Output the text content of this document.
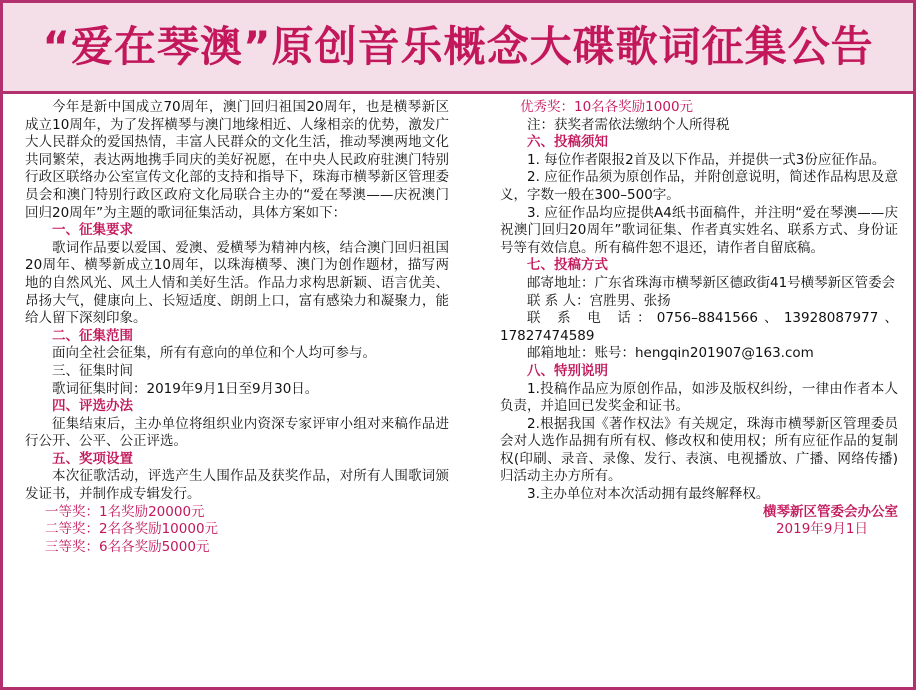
“爱在琴澳”原创音乐概念大碟歌词征集公告

今年是新中国成立70周年，澳门回归祖国20周年，也是横琴新区成立10周年，为了发挥横琴与澳门地缘相近、人缘相亲的优势，激发广大人民群众的爱国热情，丰富人民群众的文化生活，推动琴澳两地文化共同繁荣，表达两地携手同庆的美好祝愿，在中央人民政府驻澳门特别行政区联络办公室宣传文化部的支持和指导下，珠海市横琴新区管理委员会和澳门特别行政区政府文化局联合主办的“爱在琴澳——庆祝澳门回归20周年”为主题的歌词征集活动，具体方案如下：

一、征集要求

歌词作品要以爱国、爱澳、爱横琴为精神内核，结合澳门回归祖国20周年、横琴新成立10周年，以珠海横琴、澳门为创作题材，描写两地的自然风光、风土人情和美好生活。作品力求构思新颖、语言优美、昂扬大气，健康向上、长短适度、朗朗上口，富有感染力和凝聚力，能给人留下深刻印象。

二、征集范围

面向全社会征集，所有有意向的单位和个人均可参与。

三、征集时间

歌词征集时间：2019年9月1日至9月30日。

四、评选办法

征集结束后，主办单位将组织业内资深专家评审小组对来稿作品进行公开、公平、公正评选。

五、奖项设置

本次征歌活动，评选产生人围作品及获奖作品，对所有人围歌词颁发证书，并制作成专辑发行。

一等奖：1名奖励20000元

二等奖：2名各奖励10000元

三等奖：6名各奖励5000元

优秀奖：10名各奖励1000元

注：获奖者需依法缴纳个人所得税

六、投稿须知

1. 每位作者限报2首及以下作品，并提供一式3份应征作品。

2. 应征作品须为原创作品，并附创意说明，简述作品构思及意义，字数一般在300–500字。

3. 应征作品均应提供A4纸书面稿件，并注明“爱在琴澳——庆祝澳门回归20周年”歌词征集、作者真实姓名、联系方式、身份证号等有效信息。所有稿件恕不退还，请作者自留底稿。

七、投稿方式

邮寄地址：广东省珠海市横琴新区德政街41号横琴新区管委会

联 系 人：宫胜男、张扬

联 系 电 话：0756–8841566、13928087977、17827474589

邮箱地址：账号：hengqin201907@163.com

八、特别说明

1.投稿作品应为原创作品，如涉及版权纠纷，一律由作者本人负责，并追回已发奖金和证书。

2.根据我国《著作权法》有关规定，珠海市横琴新区管理委员会对人选作品拥有所有权、修改权和使用权；所有应征作品的复制权(印刷、录音、录像、发行、表演、电视播放、广播、网络传播)归活动主办方所有。

3.主办单位对本次活动拥有最终解释权。

横琴新区管委会办公室

2019年9月1日
